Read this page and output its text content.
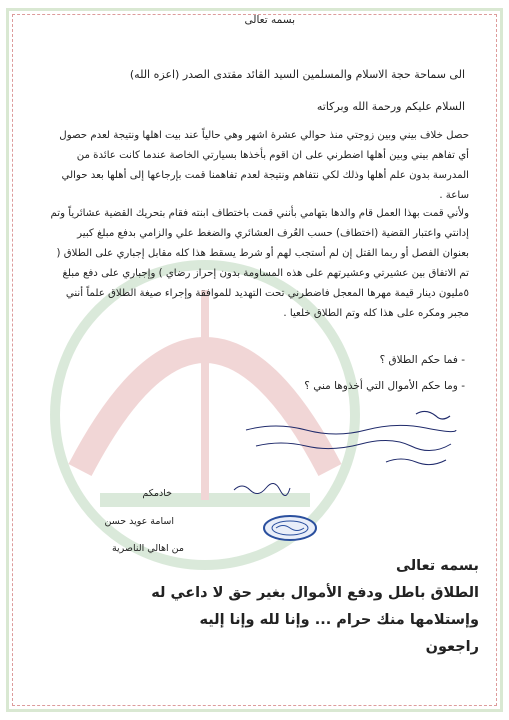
بسمه تعالى
الى سماحة حجة الاسلام والمسلمين السيد القائد مقتدى الصدر (اعزه الله)
السلام عليكم ورحمة الله وبركاته
حصل خلاف بيني وبين زوجتي منذ حوالي عشرة اشهر وهي حالياً عند بيت اهلها ونتيجة لعدم حصول أي تفاهم بيني وبين أهلها اضطرني على ان اقوم بأخذها بسيارتي الخاصة عندما كانت عائدة من المدرسة بدون علم أهلها وذلك لكي نتفاهم ونتيجة لعدم تفاهمنا قمت بإرجاعها إلى أهلها بعد حوالي ساعة .
ولأني قمت بهذا العمل قام والدها بتهامي بأنني قمت باختطاف ابنته فقام بتحريك القضية عشائرياً وتم إدانتي واعتبار القضية (اختطاف) حسب العُرف العشائري والضغط علي والزامي بدفع مبلغ كبير بعنوان الفصل أو ربما القتل إن لم أستجب لهم أو شرط يسقط هذا كله مقابل إجباري على الطلاق ( تم الاتفاق بين عشيرتي وعشيرتهم على هذه المساومة بدون إحراز رضاي ) وإجباري على دفع مبلغ ٥مليون دينار قيمة مهرها المعجل فاضطرني تحت التهديد للموافقة وإجراء صيغة الطلاق علماً أنني مجبر ومكره على هذا كله وتم الطلاق خلعيا .
- فما حكم الطلاق ؟
- وما حكم الأموال التي أخذوها مني ؟
خادمكم
اسامة عويد حسن
من اهالي الناصرية
بسمه تعالى
الطلاق باطل ودفع الأموال بغير حق لا داعي له
وإستلامها منك حرام ... وإنا لله وإنا إليه
راجعون
